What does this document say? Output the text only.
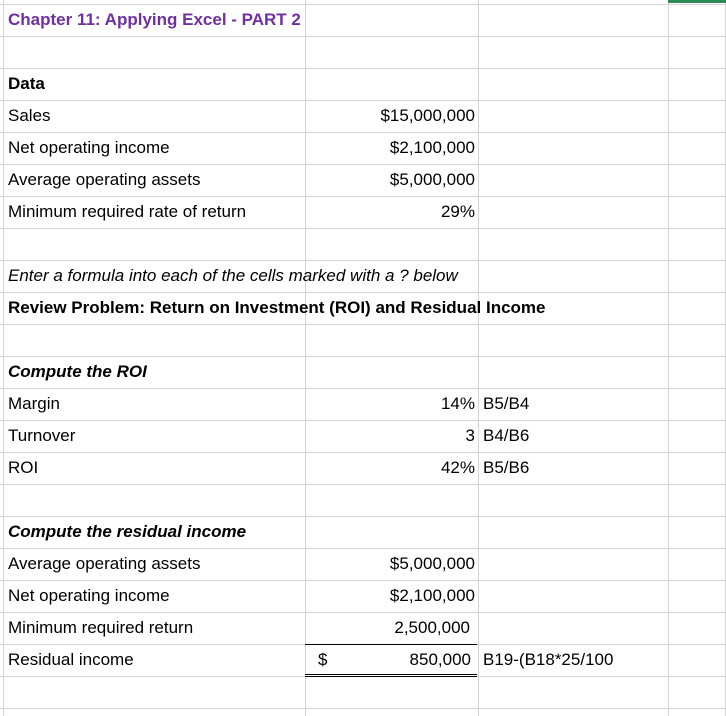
Chapter 11: Applying Excel - PART 2
Data
Sales	$15,000,000
Net operating income	$2,100,000
Average operating assets	$5,000,000
Minimum required rate of return	29%
Enter a formula into each of the cells marked with a ? below
Review Problem: Return on Investment (ROI) and Residual Income
Compute the ROI
Margin	14% B5/B4
Turnover	3 B4/B6
ROI	42% B5/B6
Compute the residual income
Average operating assets	$5,000,000
Net operating income	$2,100,000
Minimum required return	2,500,000
Residual income	$	850,000 B19-(B18*25/100
